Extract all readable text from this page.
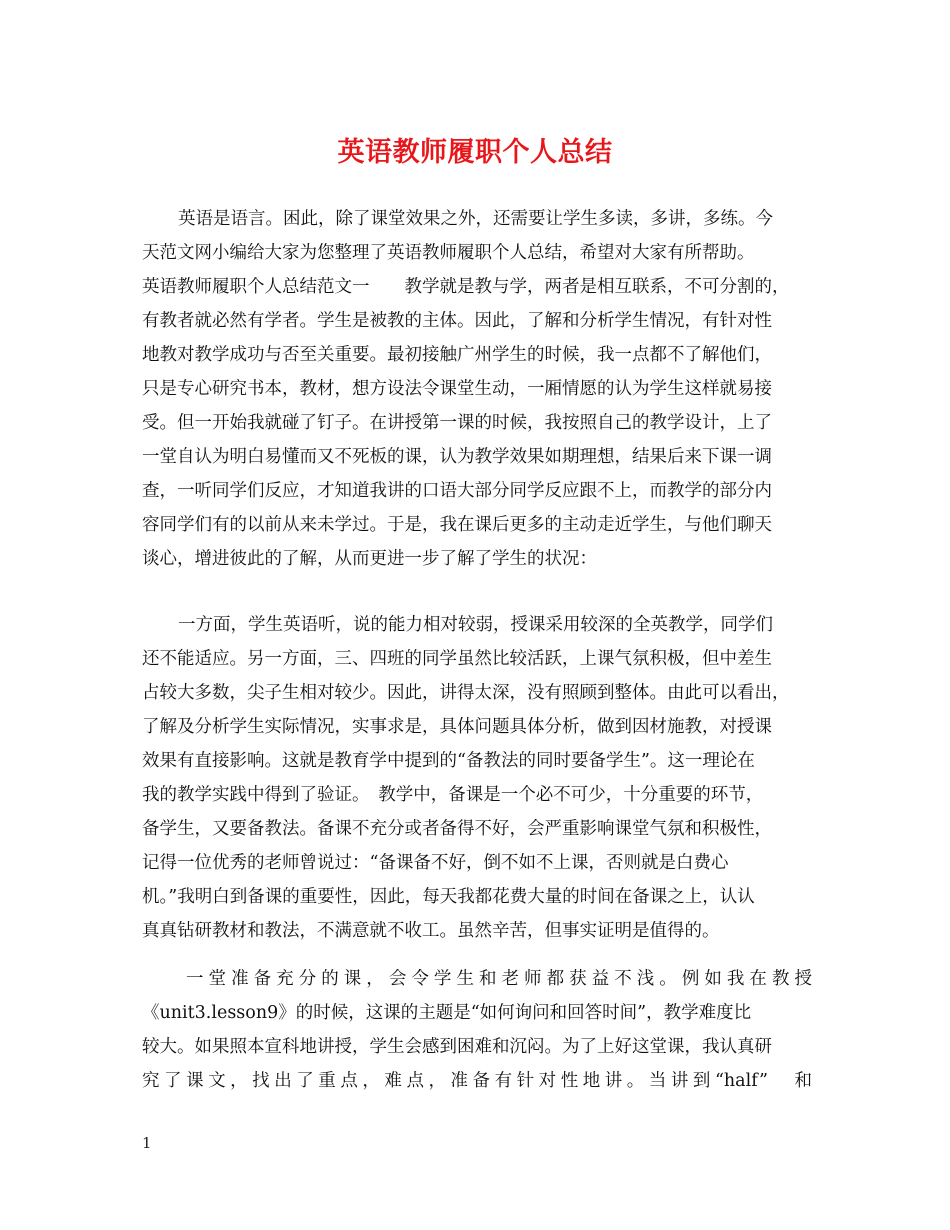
英语教师履职个人总结
英语是语言。困此，除了课堂效果之外，还需要让学生多读，多讲，多练。今
天范文网小编给大家为您整理了英语教师履职个人总结，希望对大家有所帮助。
英语教师履职个人总结范文一　　教学就是教与学，两者是相互联系，不可分割的，
有教者就必然有学者。学生是被教的主体。因此，了解和分析学生情况，有针对性
地教对教学成功与否至关重要。最初接触广州学生的时候，我一点都不了解他们，
只是专心研究书本，教材，想方设法令课堂生动，一厢情愿的认为学生这样就易接
受。但一开始我就碰了钉子。在讲授第一课的时候，我按照自己的教学设计，上了
一堂自认为明白易懂而又不死板的课，认为教学效果如期理想，结果后来下课一调
查，一听同学们反应，才知道我讲的口语大部分同学反应跟不上，而教学的部分内
容同学们有的以前从来未学过。于是，我在课后更多的主动走近学生，与他们聊天
谈心，增进彼此的了解，从而更进一步了解了学生的状况：
一方面，学生英语听，说的能力相对较弱，授课采用较深的全英教学，同学们
还不能适应。另一方面，三、四班的同学虽然比较活跃，上课气氛积极，但中差生
占较大多数，尖子生相对较少。因此，讲得太深，没有照顾到整体。由此可以看出，
了解及分析学生实际情况，实事求是，具体问题具体分析，做到因材施教，对授课
效果有直接影响。这就是教育学中提到的“备教法的同时要备学生”。这一理论在
我的教学实践中得到了验证。　教学中，备课是一个必不可少，十分重要的环节，
备学生，又要备教法。备课不充分或者备得不好，会严重影响课堂气氛和积极性，
记得一位优秀的老师曾说过：“备课备不好，倒不如不上课，否则就是白费心
机。”我明白到备课的重要性，因此，每天我都花费大量的时间在备课之上，认认
真真钻研教材和教法，不满意就不收工。虽然辛苦，但事实证明是值得的。
一堂准备充分的课，会令学生和老师都获益不浅。例如我在教授
《unit3.lesson9》的时候，这课的主题是“如何询问和回答时间”，教学难度比
较大。如果照本宣科地讲授，学生会感到困难和沉闷。为了上好这堂课，我认真研
究了课文，找出了重点，难点，准备有针对性地讲。当讲到“half”　和
1
